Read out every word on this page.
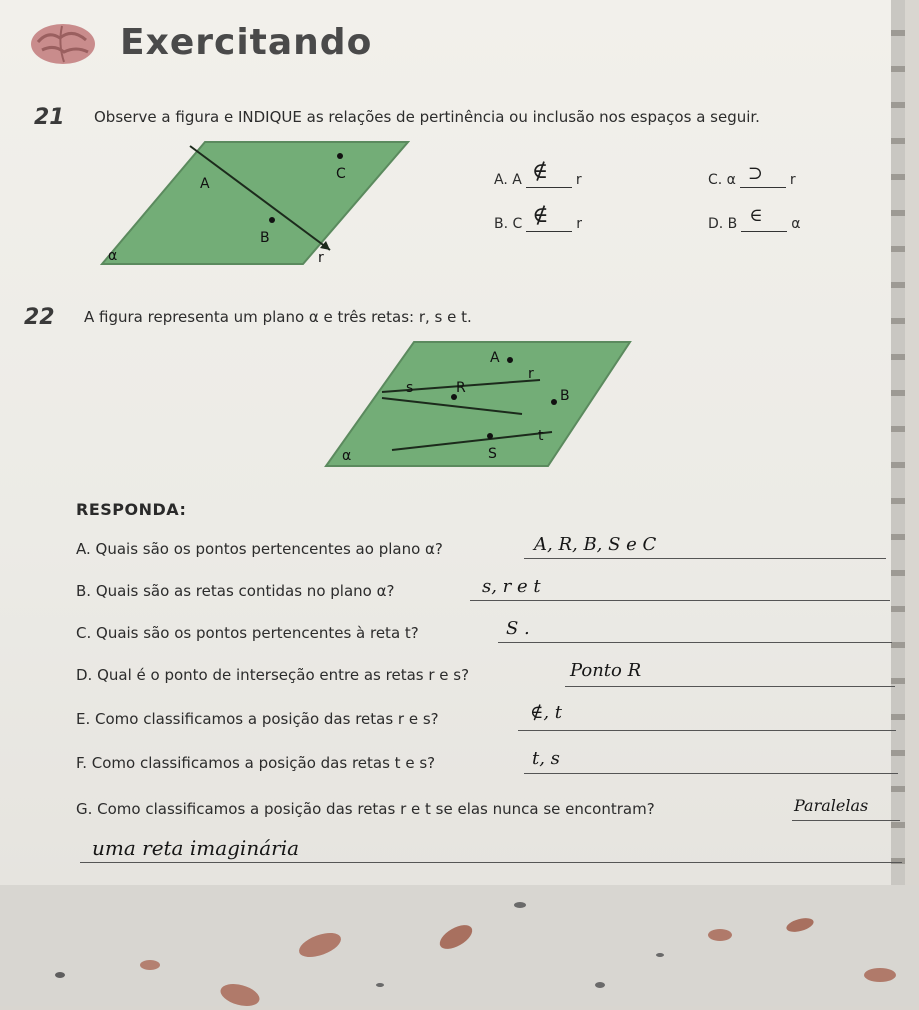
Exercitando
21 Observe a figura e INDIQUE as relações de pertinência ou inclusão nos espaços a seguir.
A
C
B
r
α
A. A ∉ r
B. C ∉ r
C. α ⊃ r
D. B ∈ α
22 A figura representa um plano α e três retas: r, s e t.
A
B
R
S
r
s
t
α
RESPONDA:
A. Quais são os pontos pertencentes ao plano α?	A, R, B, S e C
B. Quais são as retas contidas no plano α?	s, r e t
C. Quais são os pontos pertencentes à reta t?	S .
D. Qual é o ponto de interseção entre as retas r e s?	Ponto R
E. Como classificamos a posição das retas r e s?	∉, t
F. Como classificamos a posição das retas t e s?	t, s
G. Como classificamos a posição das retas r e t se elas nunca se encontram?	Paralelas
uma reta imaginária
